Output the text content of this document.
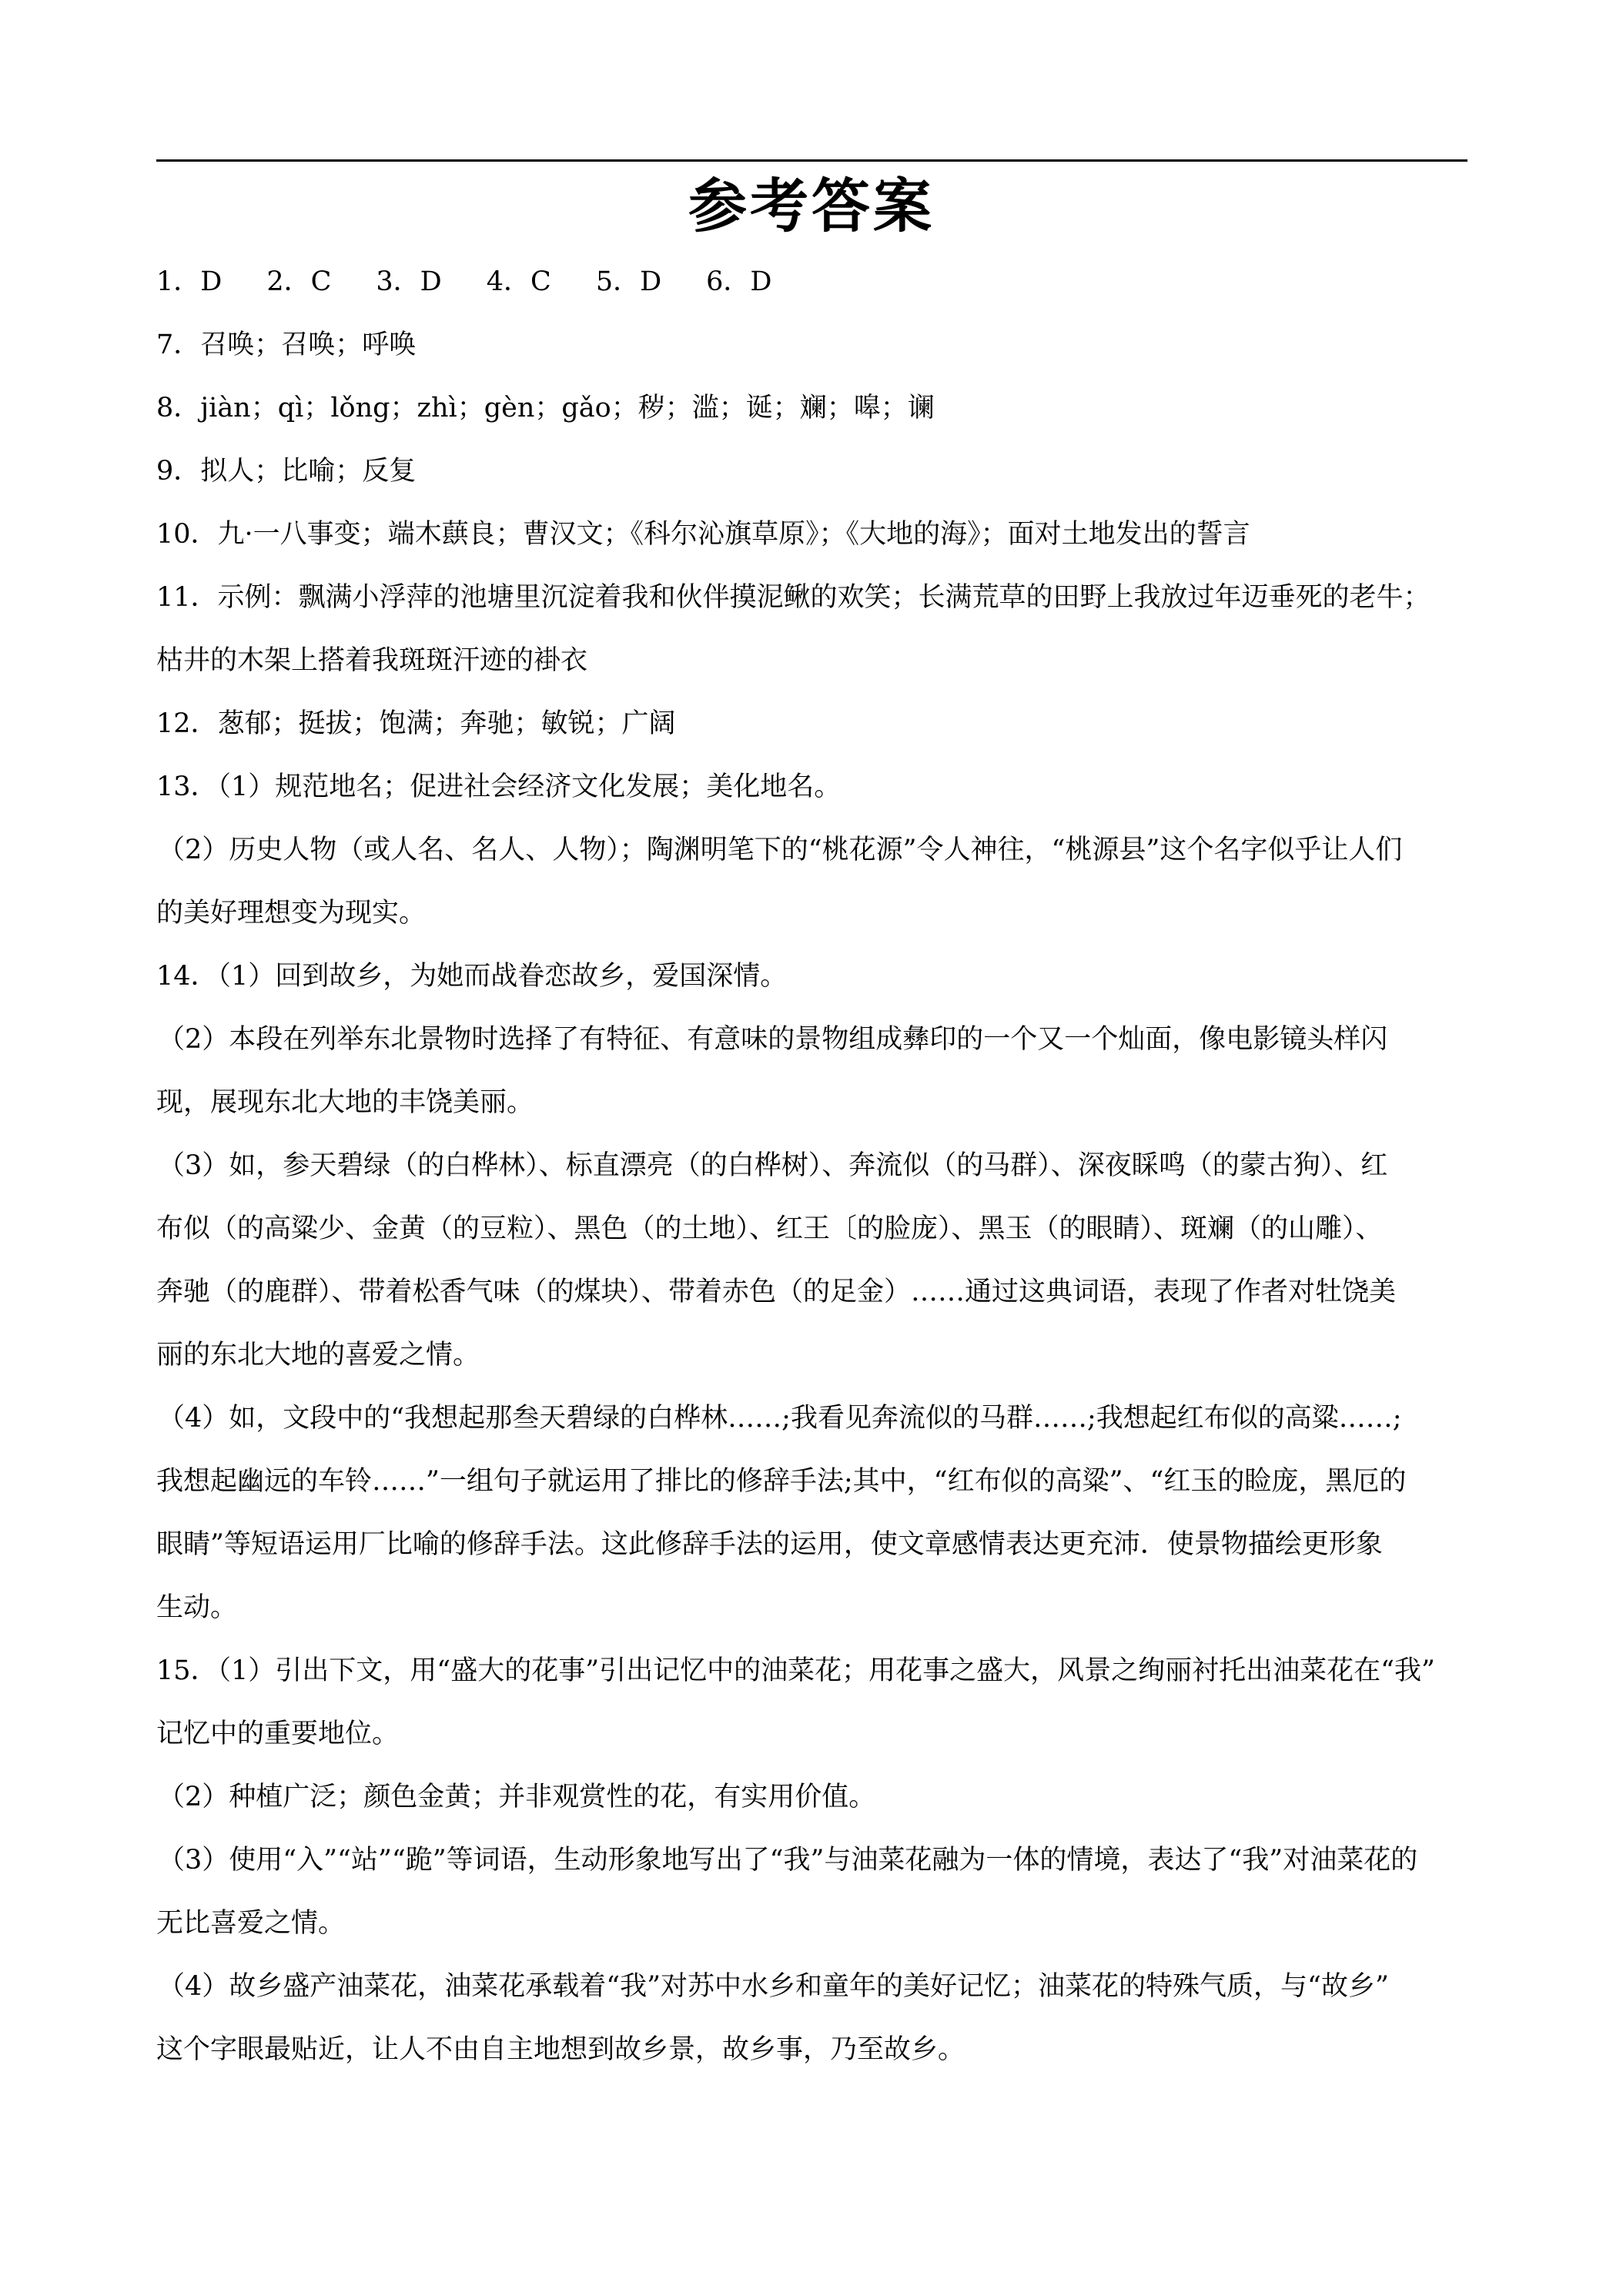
参考答案
1．D 2．C 3．D 4．C 5．D 6．D
7．召唤；召唤；呼唤
8．jiàn；qì；lǒng；zhì；gèn；gǎo；秽；滥；诞；斓；嗥；谰
9．拟人；比喻；反复
10．九·一八事变；端木蕻良；曹汉文；《科尔沁旗草原》；《大地的海》；面对土地发出的誓言
11．示例：飘满小浮萍的池塘里沉淀着我和伙伴摸泥鳅的欢笑；长满荒草的田野上我放过年迈垂死的老牛；
枯井的木架上搭着我斑斑汗迹的褂衣
12．葱郁；挺拔；饱满；奔驰；敏锐；广阔
13．（1）规范地名；促进社会经济文化发展；美化地名。
（2）历史人物（或人名、名人、人物）；陶渊明笔下的“桃花源”令人神往，“桃源县”这个名字似乎让人们
的美好理想变为现实。
14．（1）回到故乡，为她而战眷恋故乡，爱国深情。
（2）本段在列举东北景物时选择了有特征、有意味的景物组成彝印的一个又一个灿面，像电影镜头样闪
现，展现东北大地的丰饶美丽。
（3）如，参天碧绿（的白桦林）、标直漂亮（的白桦树）、奔流似（的马群）、深夜睬鸣（的蒙古狗）、红
布似（的高粱少、金黄（的豆粒）、黑色（的土地）、红王〔的脸庞）、黑玉（的眼睛）、斑斓（的山雕）、
奔驰（的鹿群）、带着松香气味（的煤块）、带着赤色（的足金）……通过这典词语，表现了作者对牡饶美
丽的东北大地的喜爱之情。
（4）如，文段中的“我想起那叁天碧绿的白桦林……;我看见奔流似的马群……;我想起红布似的高粱……;
我想起幽远的车铃……”一组句子就运用了排比的修辞手法;其中，“红布似的高粱”、“红玉的睑庞，黑厄的
眼睛”等短语运用厂比喻的修辞手法。这此修辞手法的运用，使文章感情表达更充沛．使景物描绘更形象
生动。
15．（1）引出下文，用“盛大的花事”引出记忆中的油菜花；用花事之盛大，风景之绚丽衬托出油菜花在“我”
记忆中的重要地位。
（2）种植广泛；颜色金黄；并非观赏性的花，有实用价值。
（3）使用“入”“站”“跪”等词语，生动形象地写出了“我”与油菜花融为一体的情境，表达了“我”对油菜花的
无比喜爱之情。
（4）故乡盛产油菜花，油菜花承载着“我”对苏中水乡和童年的美好记忆；油菜花的特殊气质，与“故乡”
这个字眼最贴近，让人不由自主地想到故乡景，故乡事，乃至故乡。
